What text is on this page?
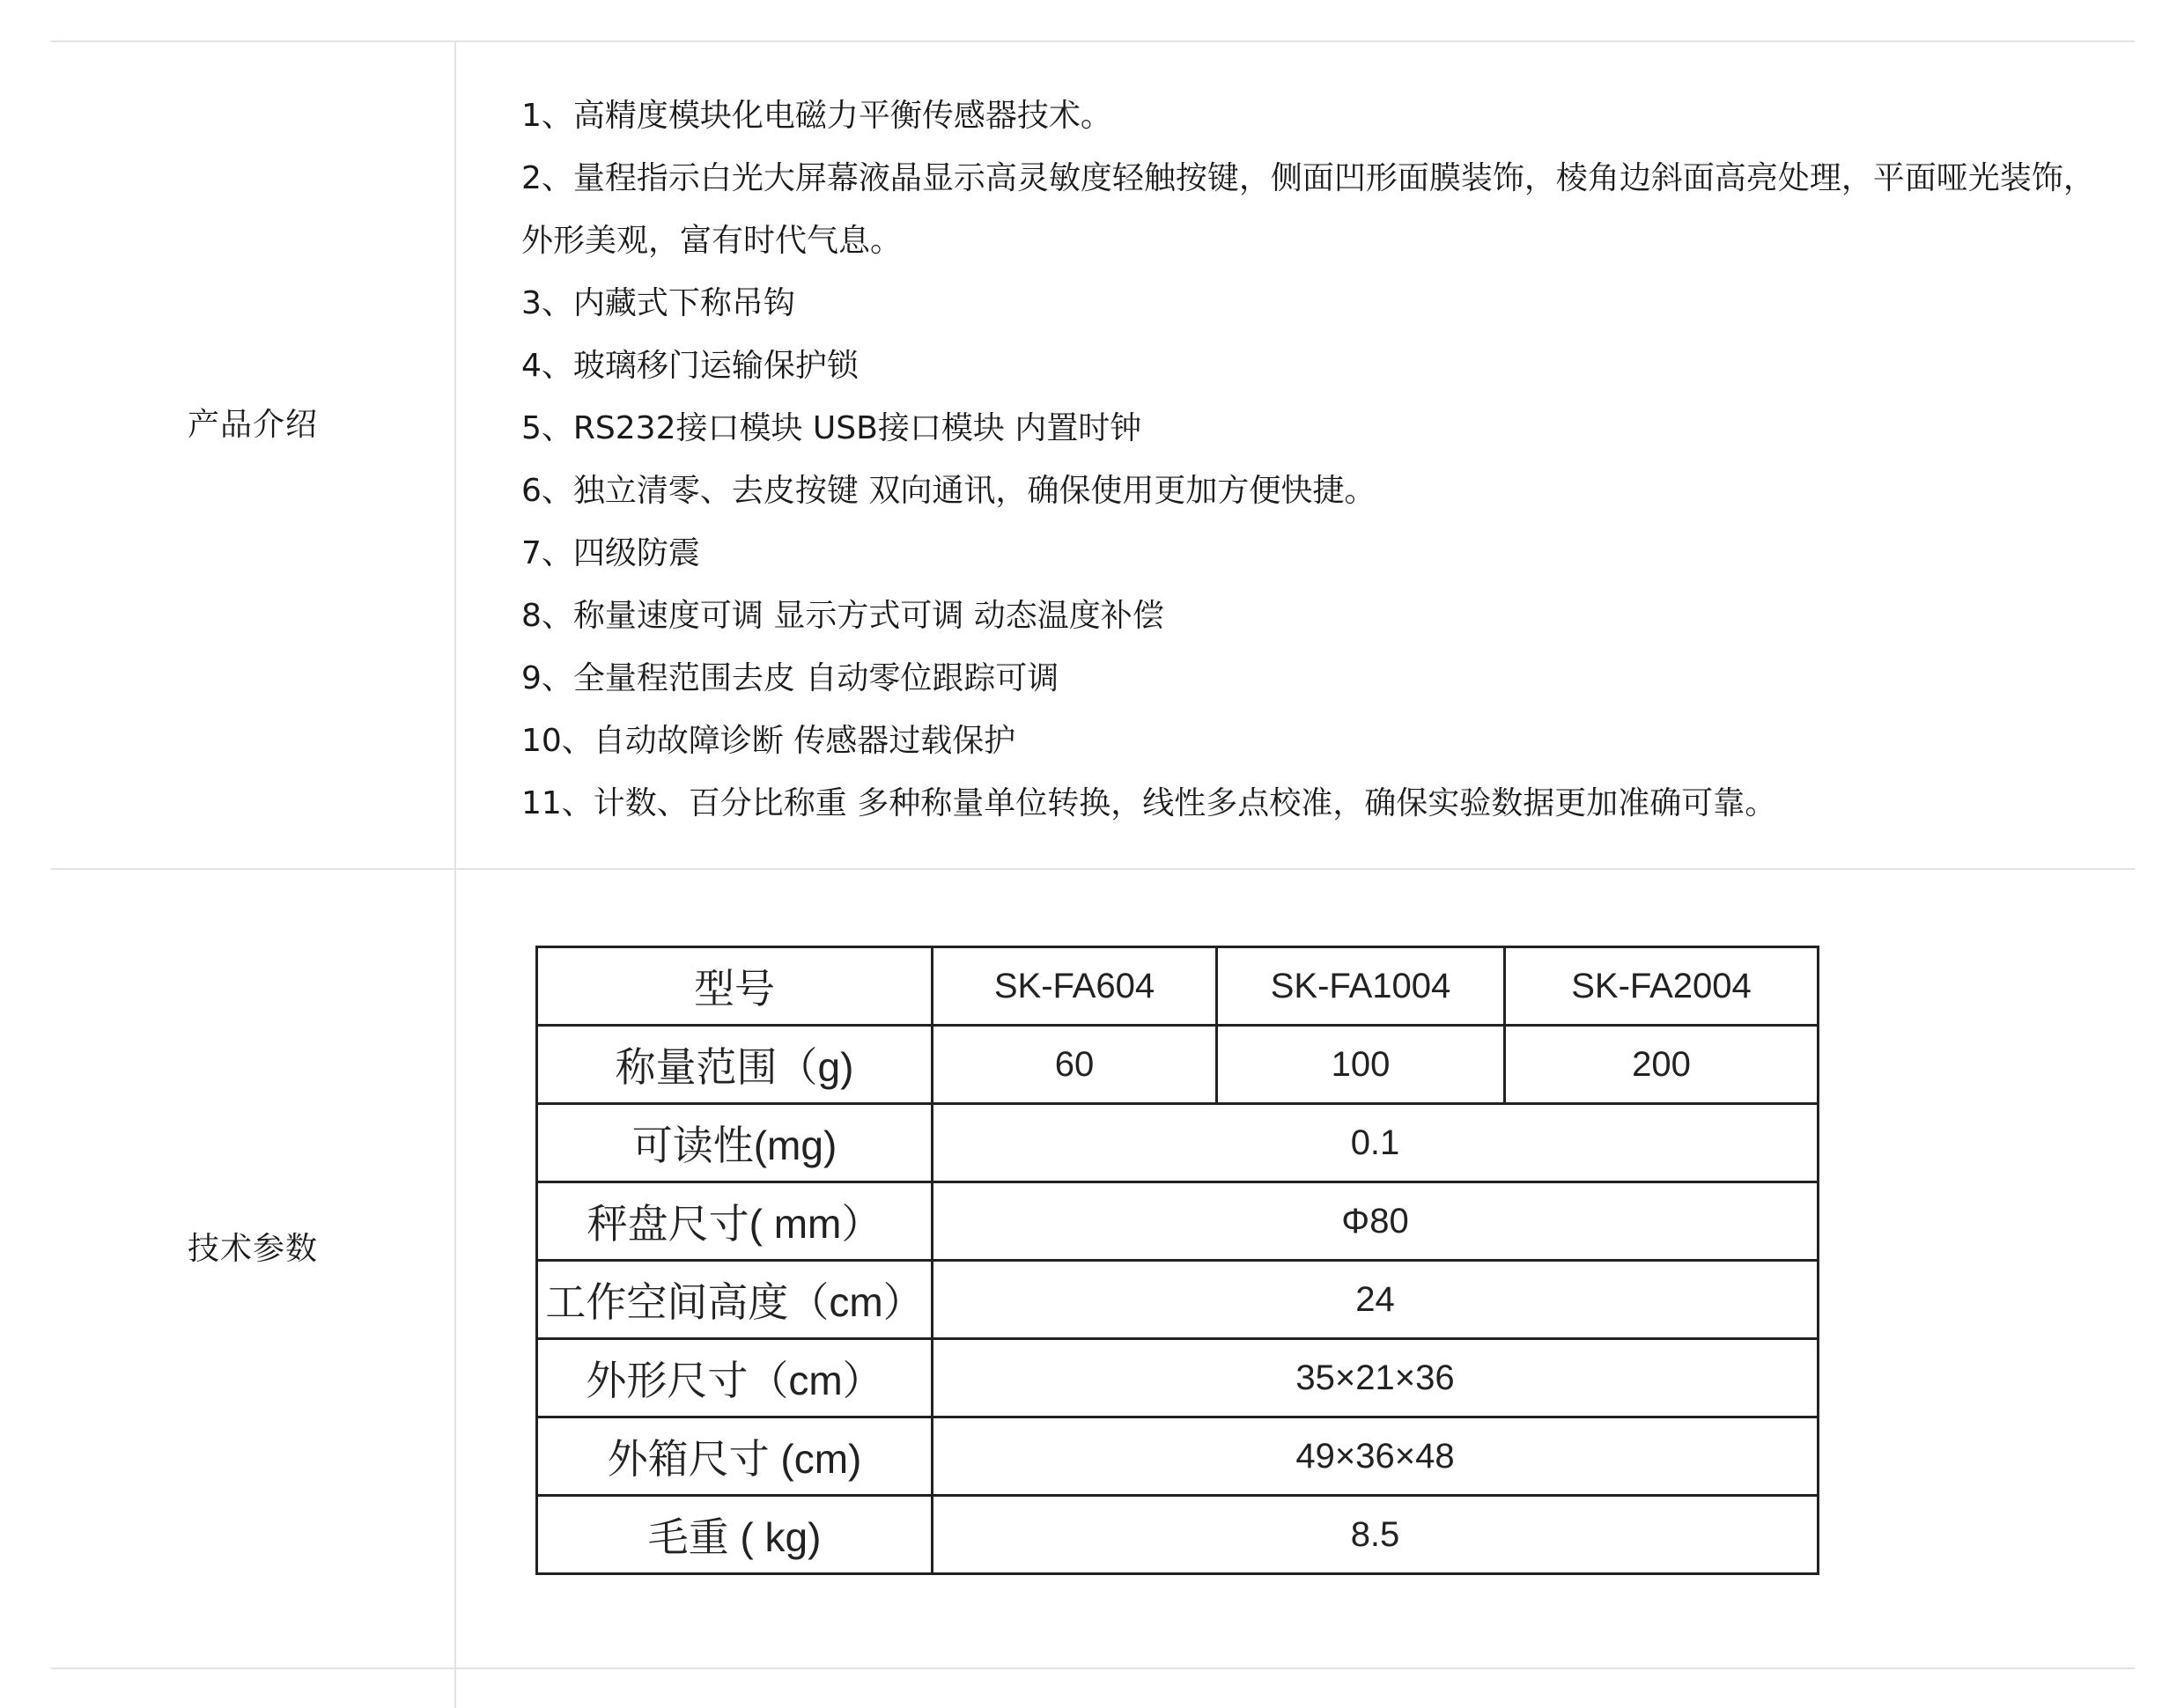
产品介绍
1、高精度模块化电磁力平衡传感器技术。
2、量程指示白光大屏幕液晶显示高灵敏度轻触按键，侧面凹形面膜装饰，棱角边斜面高亮处理，平面哑光装饰，外形美观，富有时代气息。
3、内藏式下称吊钩
4、玻璃移门运输保护锁
5、RS232接口模块 USB接口模块 内置时钟
6、独立清零、去皮按键 双向通讯，确保使用更加方便快捷。
7、四级防震
8、称量速度可调 显示方式可调 动态温度补偿
9、全量程范围去皮 自动零位跟踪可调
10、自动故障诊断 传感器过载保护
11、计数、百分比称重 多种称量单位转换，线性多点校准，确保实验数据更加准确可靠。
技术参数
型号	SK-FA604	SK-FA1004	SK-FA2004
称量范围（g)	60	100	200
可读性(mg)	0.1		
秤盘尺寸( mm）	Φ80		
工作空间高度（cm）	24		
外形尺寸（cm）	35×21×36		
外箱尺寸 (cm)	49×36×48		
毛重 ( kg)	8.5		
